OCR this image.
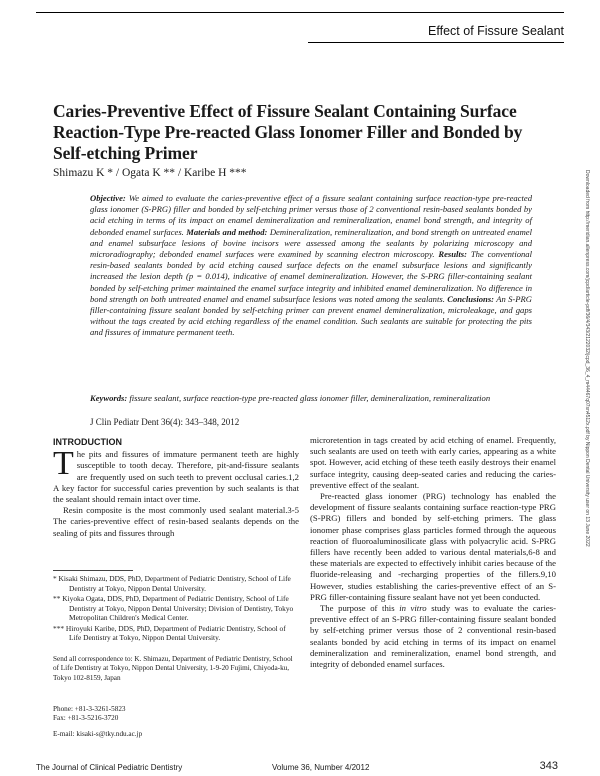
Effect of Fissure Sealant
Caries-Preventive Effect of Fissure Sealant Containing Surface Reaction-Type Pre-reacted Glass Ionomer Filler and Bonded by Self-etching Primer
Shimazu K * / Ogata K ** / Karibe H ***
Objective: We aimed to evaluate the caries-preventive effect of a fissure sealant containing surface reaction-type pre-reacted glass ionomer (S-PRG) filler and bonded by self-etching primer versus those of 2 conventional resin-based sealants bonded by acid etching in terms of its impact on enamel demineralization and remineralization, enamel bond strength, and integrity of debonded enamel surfaces. Materials and method: Demineralization, remineralization, and bond strength on untreated enamel and enamel subsurface lesions of bovine incisors were assessed among the sealants by polarizing microscopy and microradiography; debonded enamel surfaces were examined by scanning electron microscopy. Results: The conventional resin-based sealants bonded by acid etching caused surface defects on the enamel subsurface lesions and significantly increased the lesion depth (p = 0.014), indicative of enamel demineralization. However, the S-PRG filler-containing sealant bonded by self-etching primer maintained the enamel surface integrity and inhibited enamel demineralization. No difference in bond strength on both untreated enamel and enamel subsurface lesions was noted among the sealants. Conclusions: An S-PRG filler-containing fissure sealant bonded by self-etching primer can prevent enamel demineralization, microleakage, and gaps without the tags created by acid etching regardless of the enamel condition. Such sealants are suitable for protecting the pits and fissures of immature permanent teeth.
Keywords: fissure sealant, surface reaction-type pre-reacted glass ionomer filler, demineralization, remineralization
J Clin Pediatr Dent 36(4): 343–348, 2012
INTRODUCTION

The pits and fissures of immature permanent teeth are highly susceptible to tooth decay. Therefore, pit-and-fissure sealants are frequently used on such teeth to prevent occlusal caries.1,2 A key factor for successful caries prevention by such sealants is that the sealant should remain intact over time.

Resin composite is the most commonly used sealant material.3-5 The caries-preventive effect of resin-based sealants depends on the sealing of pits and fissures through

microretention in tags created by acid etching of enamel. Frequently, such sealants are used on teeth with early caries, appearing as a white spot. However, acid etching of these teeth easily destroys their enamel surface integrity, causing deep-seated caries and reducing the caries-preventive effect of the sealant.

Pre-reacted glass ionomer (PRG) technology has enabled the development of fissure sealants containing surface reaction-type PRG (S-PRG) fillers and bonded by self-etching primers. The glass ionomer phase comprises glass particles formed through the aqueous reaction of fluoroaluminosilicate glass with polyacrylic acid. S-PRG fillers have recently been added to various dental materials,6-8 and these materials are expected to effectively inhibit caries because of the fluoride-releasing and -recharging properties of the fillers.9,10 However, studies establishing the caries-preventive effect of an S-PRG filler-containing fissure sealant have not yet been conducted.

The purpose of this in vitro study was to evaluate the caries-preventive effect of an S-PRG filler-containing fissure sealant bonded by self-etching primer versus those of 2 conventional resin-based sealants bonded by acid etching in terms of its impact on enamel demineralization and remineralization, enamel bond strength, and integrity of debonded enamel surfaces.

* Kisaki Shimazu, DDS, PhD, Department of Pediatric Dentistry, School of Life Dentistry at Tokyo, Nippon Dental University.
** Kiyoka Ogata, DDS, PhD, Department of Pediatric Dentistry, School of Life Dentistry at Tokyo, Nippon Dental University; Division of Dentistry, Tokyo Metropolitan Children's Medical Center.
*** Hiroyuki Karibe, DDS, PhD, Department of Pediatric Dentistry, School of Life Dentistry at Tokyo, Nippon Dental University.
Send all correspondence to: K. Shimazu, Department of Pediatric Dentistry, School of Life Dentistry at Tokyo, Nippon Dental University, 1-9-20 Fujimi, Chiyoda-ku, Tokyo 102-8159, Japan
Phone: +81-3-3261-5823
Fax: +81-3-5216-3720
E-mail: kisaki-s@tky.ndu.ac.jp
The Journal of Clinical Pediatric Dentistry	Volume 36, Number 4/2012	343
Downloaded from http://meridian.allenpress.com/jcpd/article-pdf/36/4/343/2122032/jcpd_36_4_m44467q07sn4512x.pdf by Nippon Dental University user on 13 June 2022
